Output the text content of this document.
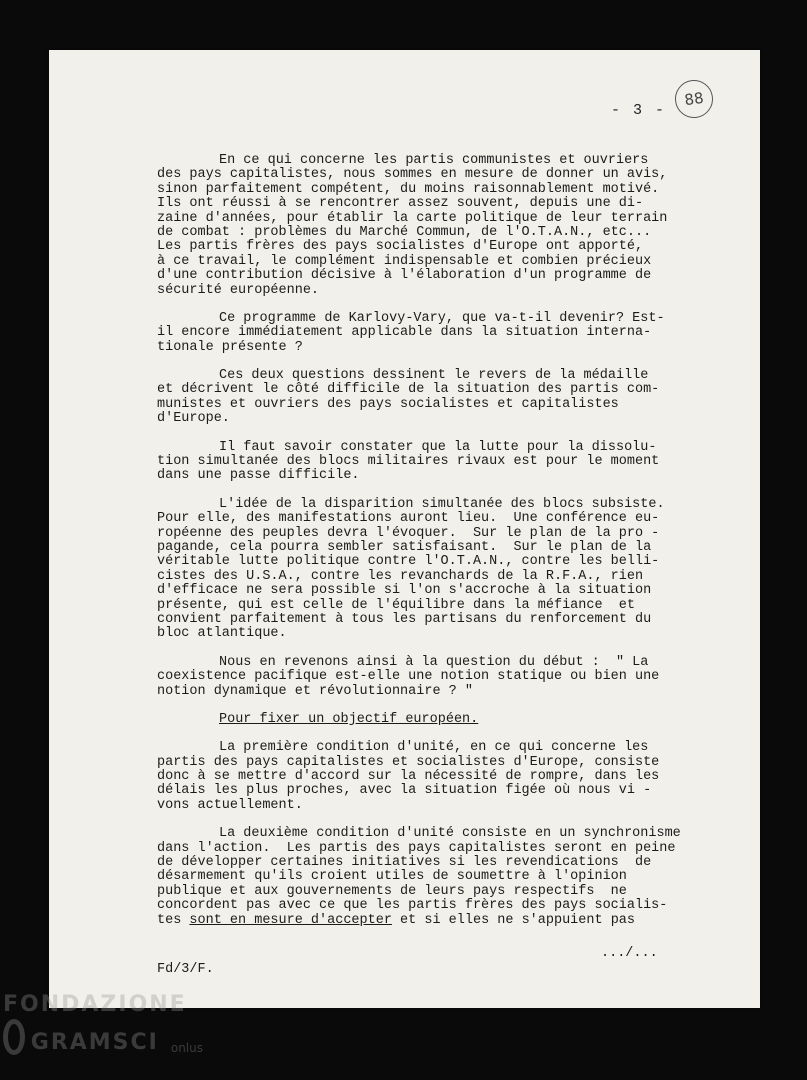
- 3 -
88
En ce qui concerne les partis communistes et ouvriers
des pays capitalistes, nous sommes en mesure de donner un avis,
sinon parfaitement compétent, du moins raisonnablement motivé.
Ils ont réussi à se rencontrer assez souvent, depuis une di-
zaine d'années, pour établir la carte politique de leur terrain
de combat : problèmes du Marché Commun, de l'O.T.A.N., etc...
Les partis frères des pays socialistes d'Europe ont apporté,
à ce travail, le complément indispensable et combien précieux
d'une contribution décisive à l'élaboration d'un programme de
sécurité européenne.
Ce programme de Karlovy-Vary, que va-t-il devenir? Est-
il encore immédiatement applicable dans la situation interna-
tionale présente ?
Ces deux questions dessinent le revers de la médaille
et décrivent le côté difficile de la situation des partis com-
munistes et ouvriers des pays socialistes et capitalistes
d'Europe.
Il faut savoir constater que la lutte pour la dissolu-
tion simultanée des blocs militaires rivaux est pour le moment
dans une passe difficile.
L'idée de la disparition simultanée des blocs subsiste.
Pour elle, des manifestations auront lieu.  Une conférence eu-
ropéenne des peuples devra l'évoquer.  Sur le plan de la pro -
pagande, cela pourra sembler satisfaisant.  Sur le plan de la
véritable lutte politique contre l'O.T.A.N., contre les belli-
cistes des U.S.A., contre les revanchards de la R.F.A., rien
d'efficace ne sera possible si l'on s'accroche à la situation
présente, qui est celle de l'équilibre dans la méfiance  et
convient parfaitement à tous les partisans du renforcement du
bloc atlantique.
Nous en revenons ainsi à la question du début :  " La
coexistence pacifique est-elle une notion statique ou bien une
notion dynamique et révolutionnaire ? "
Pour fixer un objectif européen.
La première condition d'unité, en ce qui concerne les
partis des pays capitalistes et socialistes d'Europe, consiste
donc à se mettre d'accord sur la nécessité de rompre, dans les
délais les plus proches, avec la situation figée où nous vi -
vons actuellement.
La deuxième condition d'unité consiste en un synchronisme
dans l'action.  Les partis des pays capitalistes seront en peine
de développer certaines initiatives si les revendications  de
désarmement qu'ils croient utiles de soumettre à l'opinion
publique et aux gouvernements de leurs pays respectifs  ne
concordent pas avec ce que les partis frères des pays socialis-
tes sont en mesure d'accepter et si elles ne s'appuient pas
.../...
Fd/3/F.
FONDAZIONE
GRAMSCI onlus
